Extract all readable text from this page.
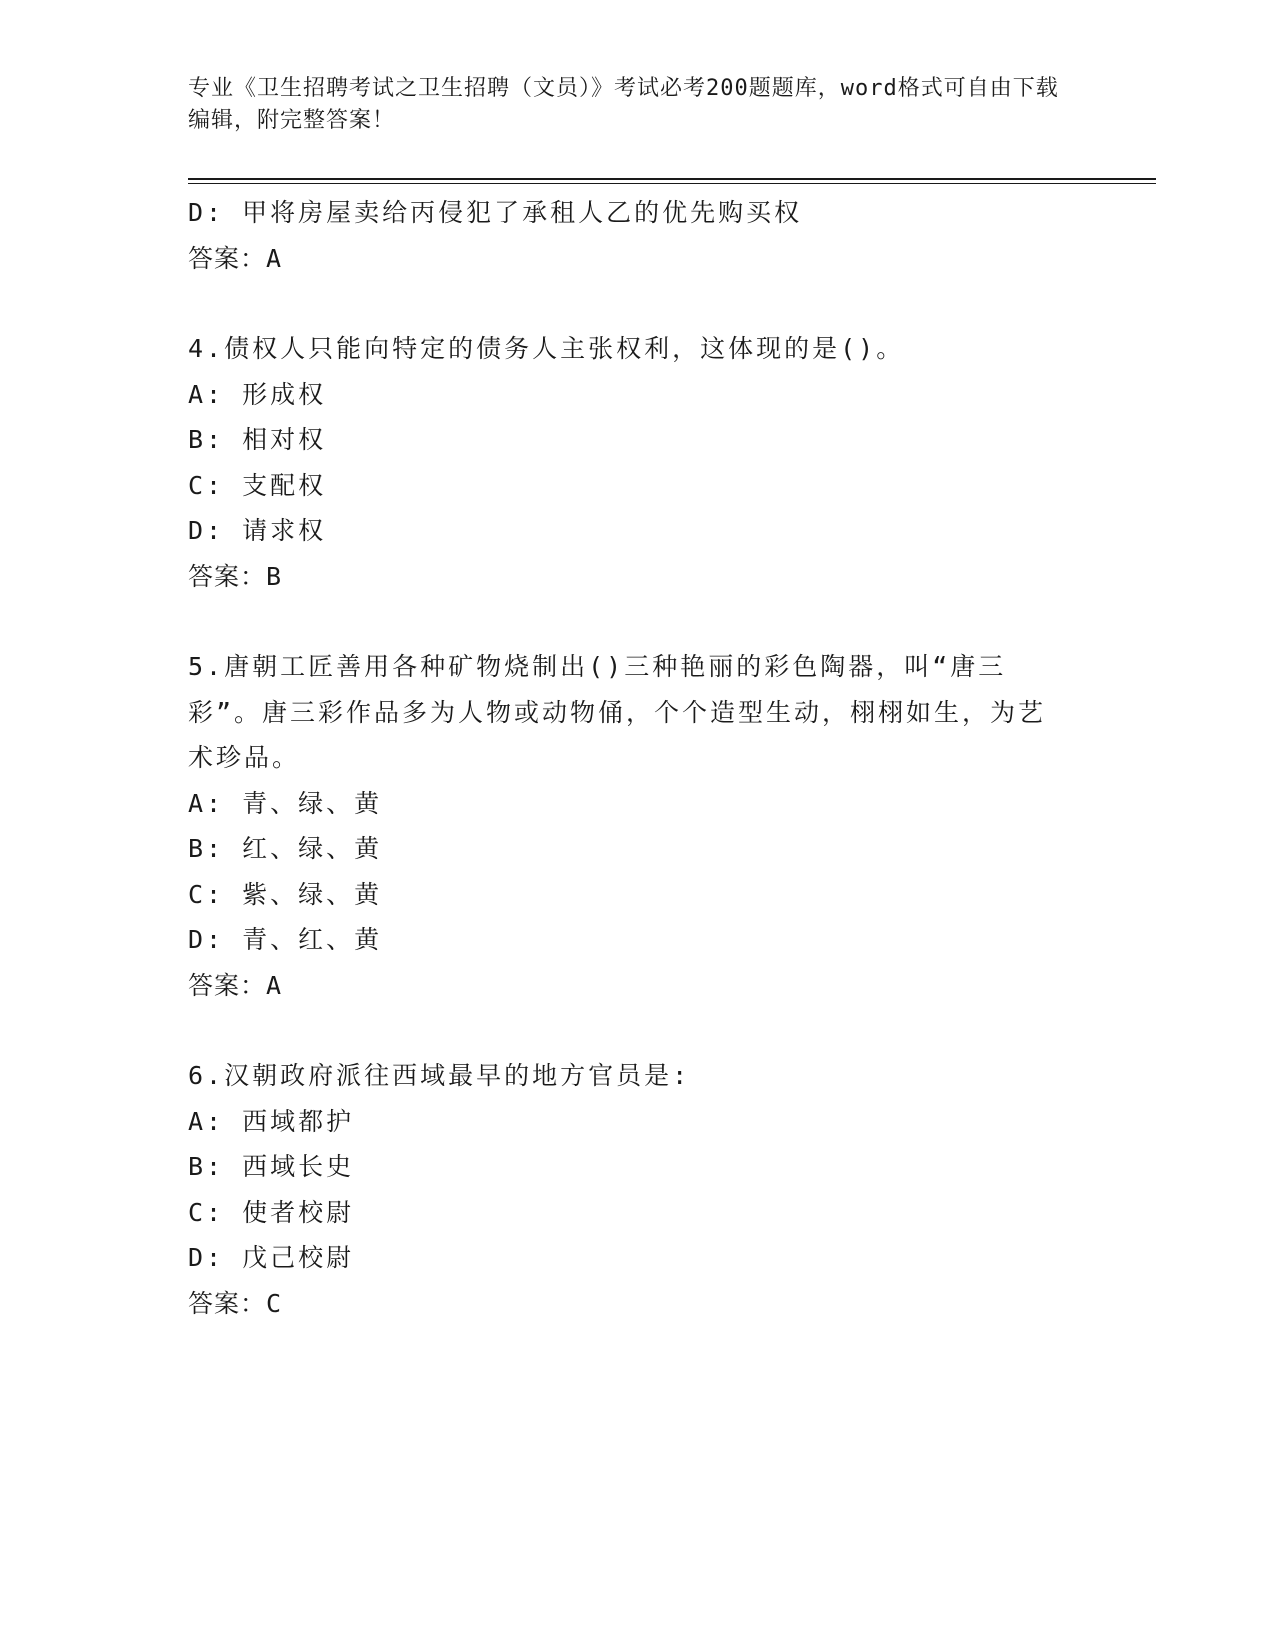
专业《卫生招聘考试之卫生招聘（文员）》考试必考200题题库，word格式可自由下载编辑，附完整答案！
D: 甲将房屋卖给丙侵犯了承租人乙的优先购买权
答案：A
4.债权人只能向特定的债务人主张权利，这体现的是()。
A: 形成权
B: 相对权
C: 支配权
D: 请求权
答案：B
5.唐朝工匠善用各种矿物烧制出()三种艳丽的彩色陶器，叫“唐三彩”。唐三彩作品多为人物或动物俑，个个造型生动，栩栩如生，为艺术珍品。
A: 青、绿、黄
B: 红、绿、黄
C: 紫、绿、黄
D: 青、红、黄
答案：A
6.汉朝政府派往西域最早的地方官员是:
A: 西域都护
B: 西域长史
C: 使者校尉
D: 戊己校尉
答案：C
